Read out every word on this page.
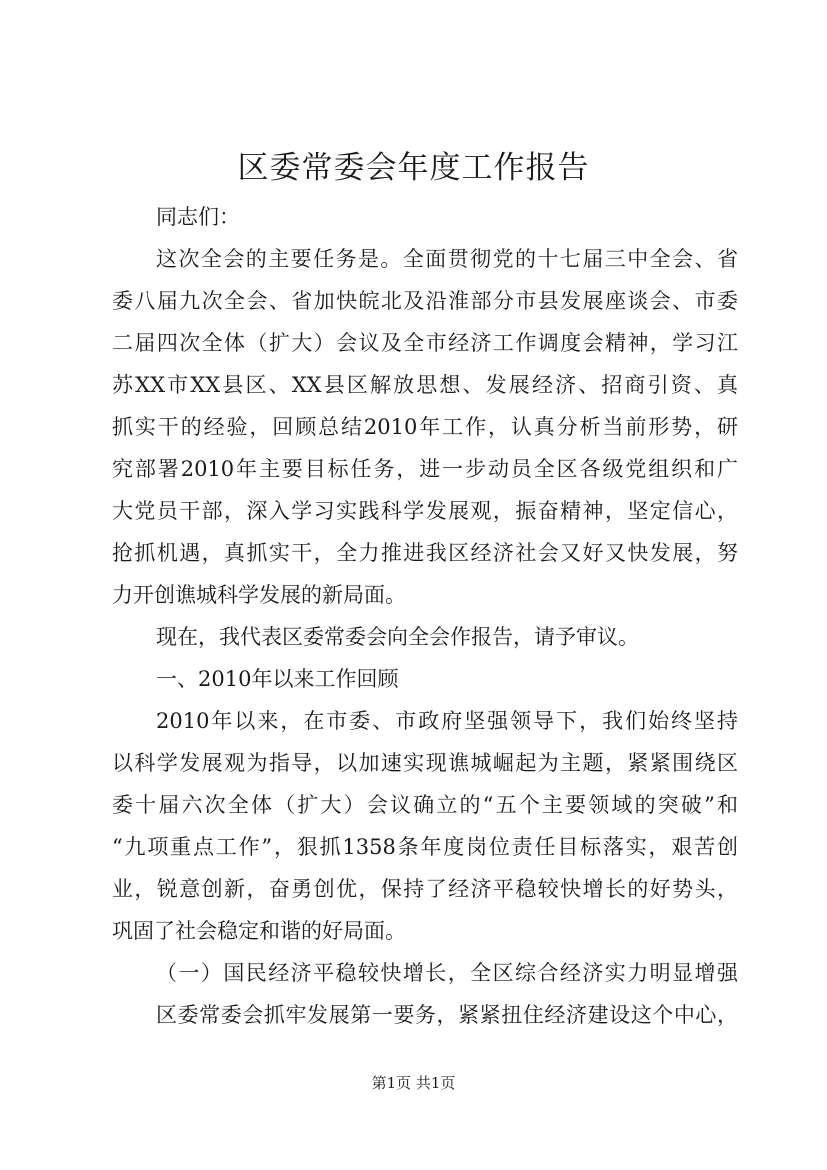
区委常委会年度工作报告
同志们：
这次全会的主要任务是。全面贯彻党的十七届三中全会、省
委八届九次全会、省加快皖北及沿淮部分市县发展座谈会、市委
二届四次全体（扩大）会议及全市经济工作调度会精神，学习江
苏XX市XX县区、XX县区解放思想、发展经济、招商引资、真
抓实干的经验，回顾总结2010年工作，认真分析当前形势，研
究部署2010年主要目标任务，进一步动员全区各级党组织和广
大党员干部，深入学习实践科学发展观，振奋精神，坚定信心，
抢抓机遇，真抓实干，全力推进我区经济社会又好又快发展，努
力开创谯城科学发展的新局面。
现在，我代表区委常委会向全会作报告，请予审议。
一、2010年以来工作回顾
2010年以来，在市委、市政府坚强领导下，我们始终坚持
以科学发展观为指导，以加速实现谯城崛起为主题，紧紧围绕区
委十届六次全体（扩大）会议确立的“五个主要领域的突破”和
“九项重点工作”，狠抓1358条年度岗位责任目标落实，艰苦创
业，锐意创新，奋勇创优，保持了经济平稳较快增长的好势头，
巩固了社会稳定和谐的好局面。
（一）国民经济平稳较快增长，全区综合经济实力明显增强
区委常委会抓牢发展第一要务，紧紧扭住经济建设这个中心，
第1页 共1页
